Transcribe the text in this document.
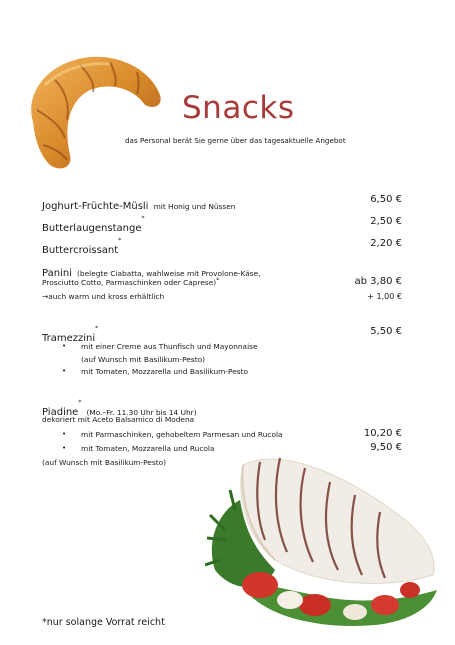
Snacks
das Personal berät Sie gerne über das tagesaktuelle Angebot
Joghurt-Früchte-Müsli mit Honig und Nüssen
6,50 €
Butterlaugenstange*	2,50 €
Buttercroissant*	2,20 €
Panini (belegte Ciabatta, wahlweise mit Provolone-Käse,
Prosciutto Cotto, Parmaschinken oder Caprese)*
→auch warm und kross erhältlich
ab 3,80 €
+ 1,00 €
Tramezzini*	5,50 €
• mit einer Creme aus Thunfisch und Mayonnaise
(auf Wunsch mit Basilikum-Pesto)
• mit Tomaten, Mozzarella und Basilikum-Pesto
Piadine* (Mo.–Fr. 11.30 Uhr bis 14 Uhr)
dekoriert mit Aceto Balsamico di Modena
• mit Parmaschinken, gehobeltem Parmesan und Rucola	10,20 €
• mit Tomaten, Mozzarella und Rucola	9,50 €
(auf Wunsch mit Basilikum-Pesto)
*nur solange Vorrat reicht
